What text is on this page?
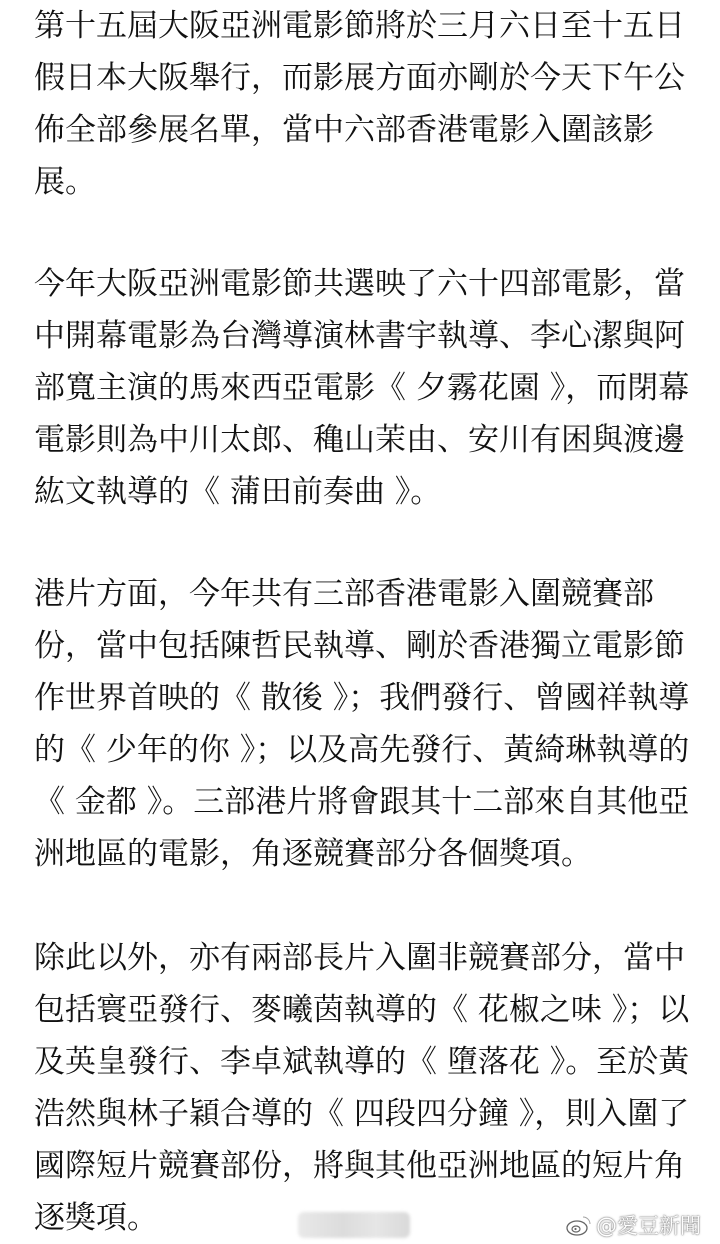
第十五屆大阪亞洲電影節將於三月六日至十五日
假日本大阪舉行，而影展方面亦剛於今天下午公
佈全部參展名單，當中六部香港電影入圍該影
展。
今年大阪亞洲電影節共選映了六十四部電影，當
中開幕電影為台灣導演林書宇執導、李心潔與阿
部寬主演的馬來西亞電影《 夕霧花園 》，而閉幕
電影則為中川太郎、穐山茉由、安川有困與渡邊
紘文執導的《 蒲田前奏曲 》。
港片方面，今年共有三部香港電影入圍競賽部
份，當中包括陳哲民執導、剛於香港獨立電影節
作世界首映的《 散後 》；我們發行、曾國祥執導
的《 少年的你 》；以及高先發行、黃綺琳執導的
《 金都 》。三部港片將會跟其十二部來自其他亞
洲地區的電影，角逐競賽部分各個獎項。
除此以外，亦有兩部長片入圍非競賽部分，當中
包括寰亞發行、麥曦茵執導的《 花椒之味 》；以
及英皇發行、李卓斌執導的《 墮落花 》。至於黃
浩然與林子穎合導的《 四段四分鐘 》，則入圍了
國際短片競賽部份，將與其他亞洲地區的短片角
逐獎項。	@愛豆新聞
